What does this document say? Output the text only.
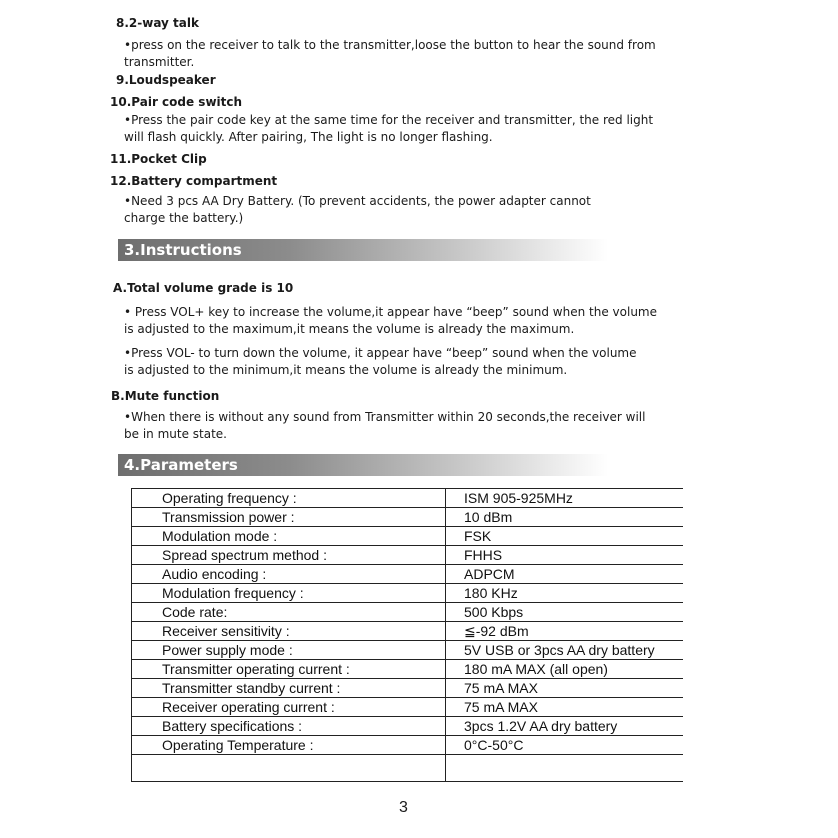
8.2-way talk
•press on the receiver to talk to the transmitter,loose the button to hear the sound from transmitter.
9.Loudspeaker
10.Pair code switch
•Press the pair code key at the same time for the receiver and transmitter, the red light will flash quickly. After pairing, The light is no longer flashing.
11.Pocket Clip
12.Battery compartment
•Need 3 pcs AA Dry Battery. (To prevent accidents, the power adapter cannot charge the battery.)
3.Instructions
A.Total volume grade is 10
• Press VOL+ key to increase the volume,it appear have “beep” sound when the volume is adjusted to the maximum,it means the volume is already the maximum.
•Press VOL- to turn down the volume, it appear have “beep” sound when the volume is adjusted to the minimum,it means the volume is already the minimum.
B.Mute function
•When there is without any sound from Transmitter within 20 seconds,the receiver will be in mute state.
4.Parameters
Operating frequency :	ISM 905-925MHz
Transmission power :	10 dBm
Modulation mode :	FSK
Spread spectrum method :	FHHS
Audio encoding :	ADPCM
Modulation frequency :	180 KHz
Code rate:	500 Kbps
Receiver sensitivity :	≦-92 dBm
Power supply mode :	5V USB or 3pcs AA dry battery
Transmitter operating current :	180 mA MAX (all open)
Transmitter standby current :	75 mA MAX
Receiver operating current :	75 mA MAX
Battery specifications :	3pcs 1.2V AA dry battery
Operating Temperature :	0°C-50°C

3
